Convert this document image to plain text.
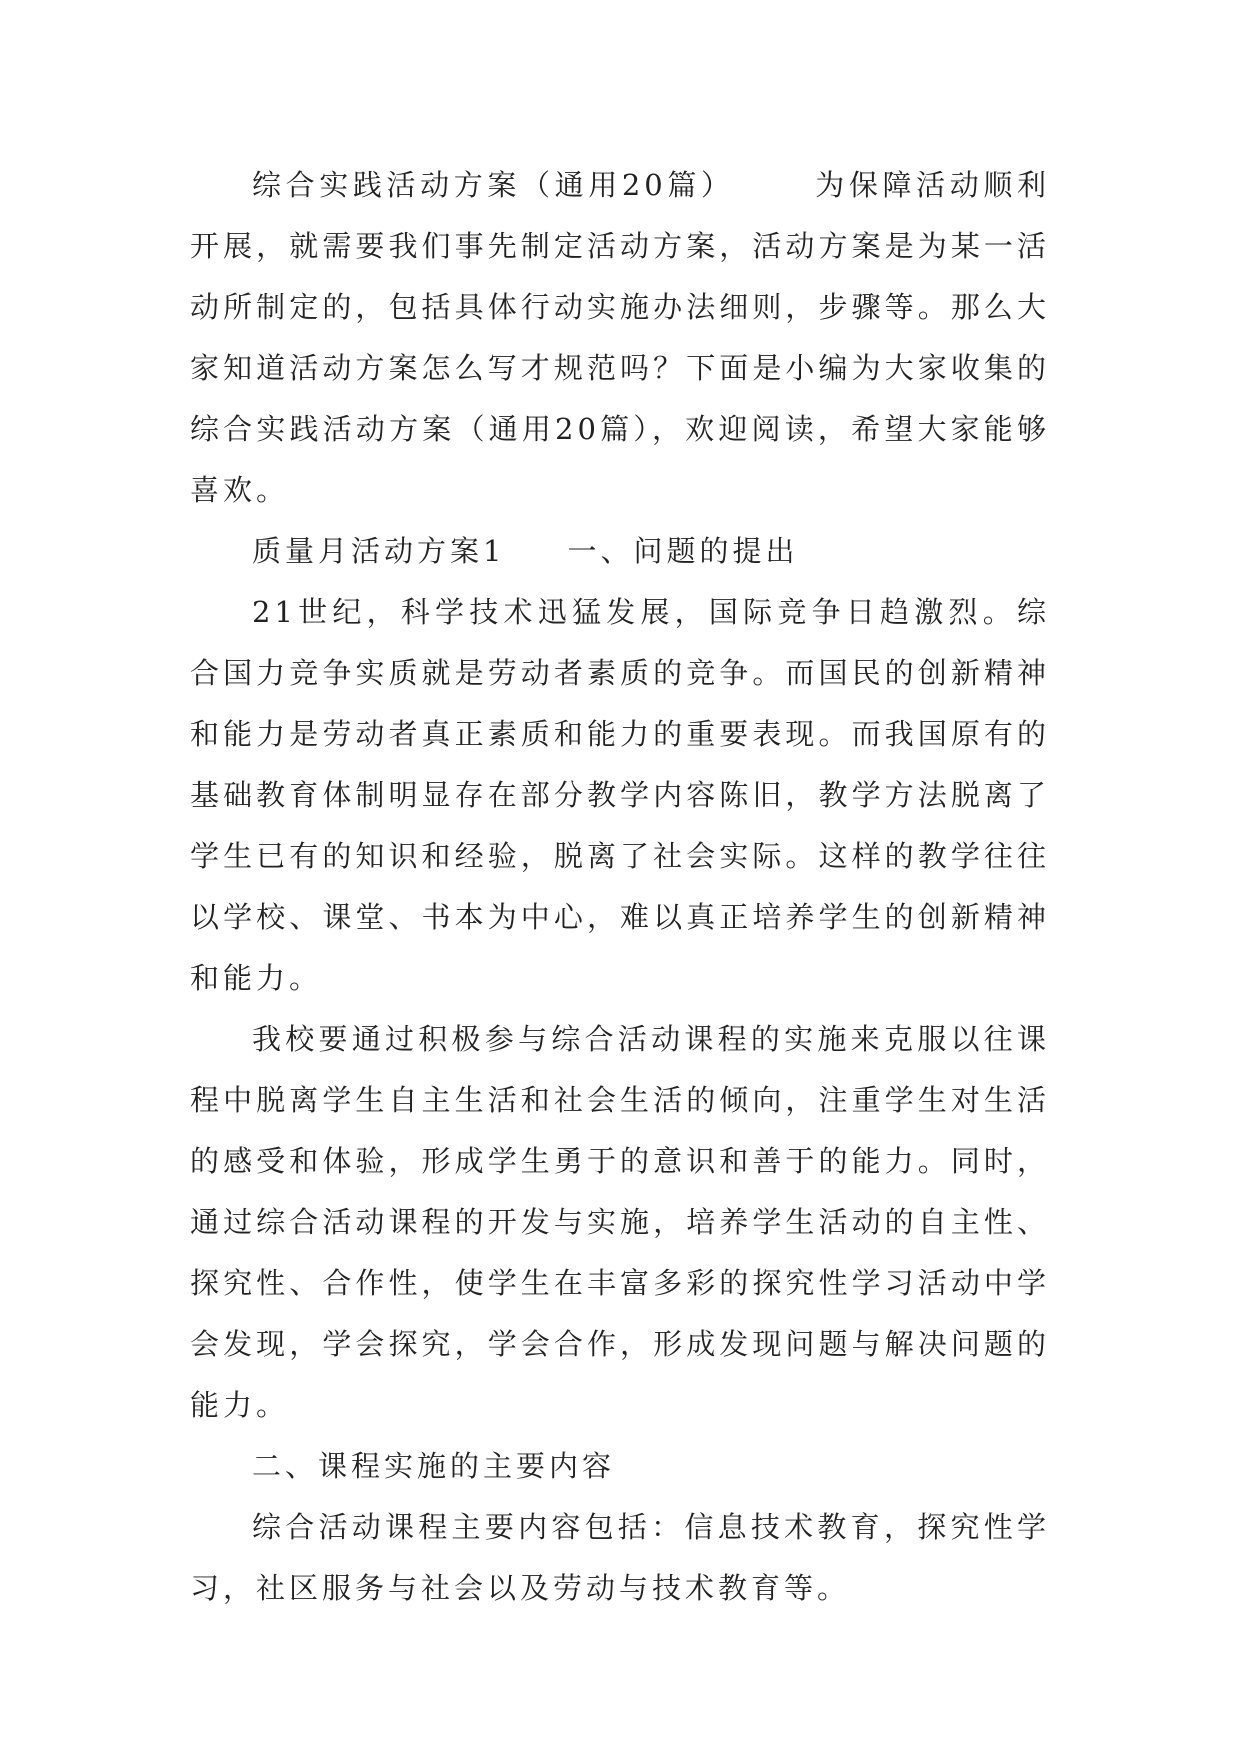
综合实践活动方案（通用20篇）	为保障活动顺利开展，就需要我们事先制定活动方案，活动方案是为某一活动所制定的，包括具体行动实施办法细则，步骤等。那么大家知道活动方案怎么写才规范吗？下面是小编为大家收集的综合实践活动方案（通用20篇），欢迎阅读，希望大家能够喜欢。

质量月活动方案1 一、问题的提出

21世纪，科学技术迅猛发展，国际竞争日趋激烈。综合国力竞争实质就是劳动者素质的竞争。而国民的创新精神和能力是劳动者真正素质和能力的重要表现。而我国原有的基础教育体制明显存在部分教学内容陈旧，教学方法脱离了学生已有的知识和经验，脱离了社会实际。这样的教学往往以学校、课堂、书本为中心，难以真正培养学生的创新精神和能力。

我校要通过积极参与综合活动课程的实施来克服以往课程中脱离学生自主生活和社会生活的倾向，注重学生对生活的感受和体验，形成学生勇于的意识和善于的能力。同时，通过综合活动课程的开发与实施，培养学生活动的自主性、探究性、合作性，使学生在丰富多彩的探究性学习活动中学会发现，学会探究，学会合作，形成发现问题与解决问题的能力。

二、课程实施的主要内容

综合活动课程主要内容包括：信息技术教育，探究性学习，社区服务与社会以及劳动与技术教育等。
